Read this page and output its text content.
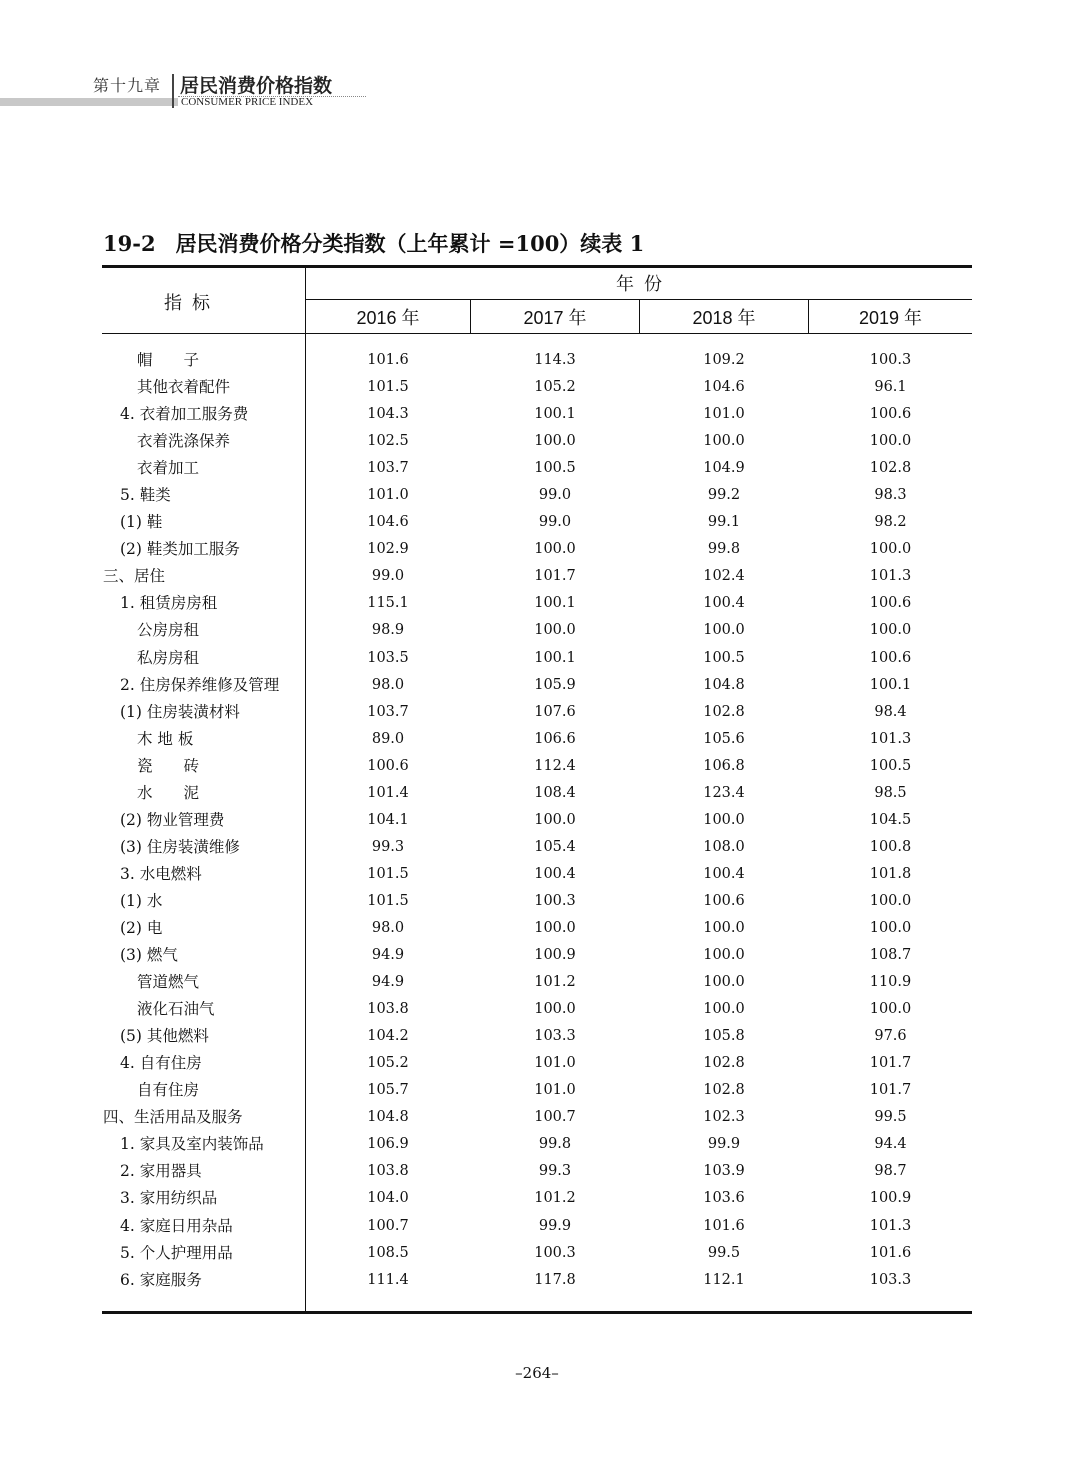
第十九章 居民消费价格指数
CONSUMER PRICE INDEX
19-2 居民消费价格分类指数（上年累计 =100）续表 1
指  标
年  份
2016 年	2017 年	2018 年	2019 年
帽　　子	101.6	114.3	109.2	100.3
其他衣着配件	101.5	105.2	104.6	96.1
4. 衣着加工服务费	104.3	100.1	101.0	100.6
衣着洗涤保养	102.5	100.0	100.0	100.0
衣着加工	103.7	100.5	104.9	102.8
5. 鞋类	101.0	99.0	99.2	98.3
(1) 鞋	104.6	99.0	99.1	98.2
(2) 鞋类加工服务	102.9	100.0	99.8	100.0
三、居住	99.0	101.7	102.4	101.3
1. 租赁房房租	115.1	100.1	100.4	100.6
公房房租	98.9	100.0	100.0	100.0
私房房租	103.5	100.1	100.5	100.6
2. 住房保养维修及管理	98.0	105.9	104.8	100.1
(1) 住房装潢材料	103.7	107.6	102.8	98.4
木 地 板	89.0	106.6	105.6	101.3
瓷　　砖	100.6	112.4	106.8	100.5
水　　泥	101.4	108.4	123.4	98.5
(2) 物业管理费	104.1	100.0	100.0	104.5
(3) 住房装潢维修	99.3	105.4	108.0	100.8
3. 水电燃料	101.5	100.4	100.4	101.8
(1) 水	101.5	100.3	100.6	100.0
(2) 电	98.0	100.0	100.0	100.0
(3) 燃气	94.9	100.9	100.0	108.7
管道燃气	94.9	101.2	100.0	110.9
液化石油气	103.8	100.0	100.0	100.0
(5) 其他燃料	104.2	103.3	105.8	97.6
4. 自有住房	105.2	101.0	102.8	101.7
自有住房	105.7	101.0	102.8	101.7
四、生活用品及服务	104.8	100.7	102.3	99.5
1. 家具及室内装饰品	106.9	99.8	99.9	94.4
2. 家用器具	103.8	99.3	103.9	98.7
3. 家用纺织品	104.0	101.2	103.6	100.9
4. 家庭日用杂品	100.7	99.9	101.6	101.3
5. 个人护理用品	108.5	100.3	99.5	101.6
6. 家庭服务	111.4	117.8	112.1	103.3
–264–
